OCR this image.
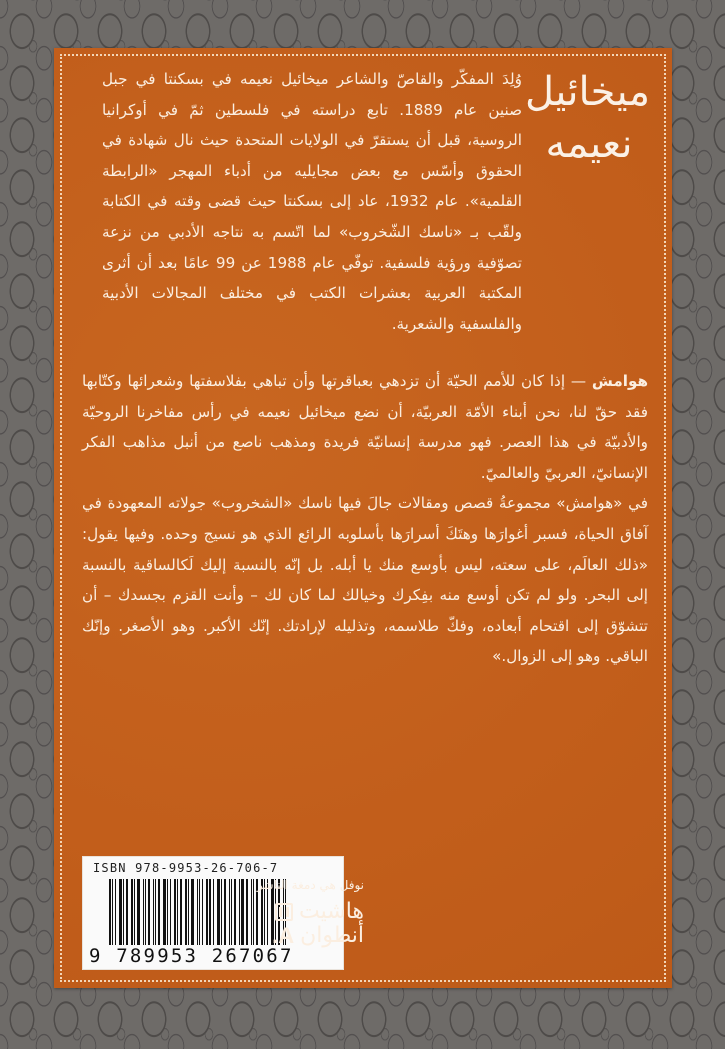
ميخائيل
نعيمه

وُلِدَ المفكّر والقاصّ والشاعر ميخائيل نعيمه في بسكنتا في جبل صنين عام 1889. تابع دراسته في فلسطين ثمّ في أوكرانيا الروسية، قبل أن يستقرّ في الولايات المتحدة حيث نال شهادة في الحقوق وأسّس مع بعض مجايليه من أدباء المهجر «الرابطة القلمية». عام 1932، عاد إلى بسكنتا حيث قضى وقته في الكتابة ولقّب بـ «ناسك الشّخروب» لما اتّسم به نتاجه الأدبي من نزعة تصوّفية ورؤية فلسفية. توفّي عام 1988 عن 99 عامًا بعد أن أثرى المكتبة العربية بعشرات الكتب في مختلف المجالات الأدبية والفلسفية والشعرية.

هوامش — إذا كان للأمم الحيّة أن تزدهي بعباقرتها وأن تباهي بفلاسفتها وشعرائها وكتّابها فقد حقّ لنا، نحن أبناء الأمّة العربيّة، أن نضع ميخائيل نعيمه في رأس مفاخرنا الروحيّة والأدبيّة في هذا العصر. فهو مدرسة إنسانيّة فريدة ومذهب ناصع من أنبل مذاهب الفكر الإنسانيّ، العربيّ والعالميّ.

في «هوامش» مجموعةُ قصص ومقالات جالَ فيها ناسك «الشخروب» جولاته المعهودة في آفاق الحياة، فسبر أغوارَها وهتَكَ أسرارَها بأسلوبه الرائع الذي هو نسيج وحده. وفيها يقول: «ذلك العالَم، على سعته، ليس بأوسع منك يا أبله. بل إنّه بالنسبة إليك لَكالساقية بالنسبة إلى البحر. ولو لم تكن أوسع منه بفِكرك وخيالك لما كان لك – وأنت القزم بجسدك – أن تتشوّق إلى اقتحام أبعاده، وفكّ طلاسمه، وتذليله لإرادتك. إنّك الأكبر. وهو الأصغر. وإنّك الباقي. وهو إلى الزوال.»

ISBN 978-9953-26-706-7
9 789953 267067
نوفل هي دمغة الناشر
هاشيت
أنطوان
A.
